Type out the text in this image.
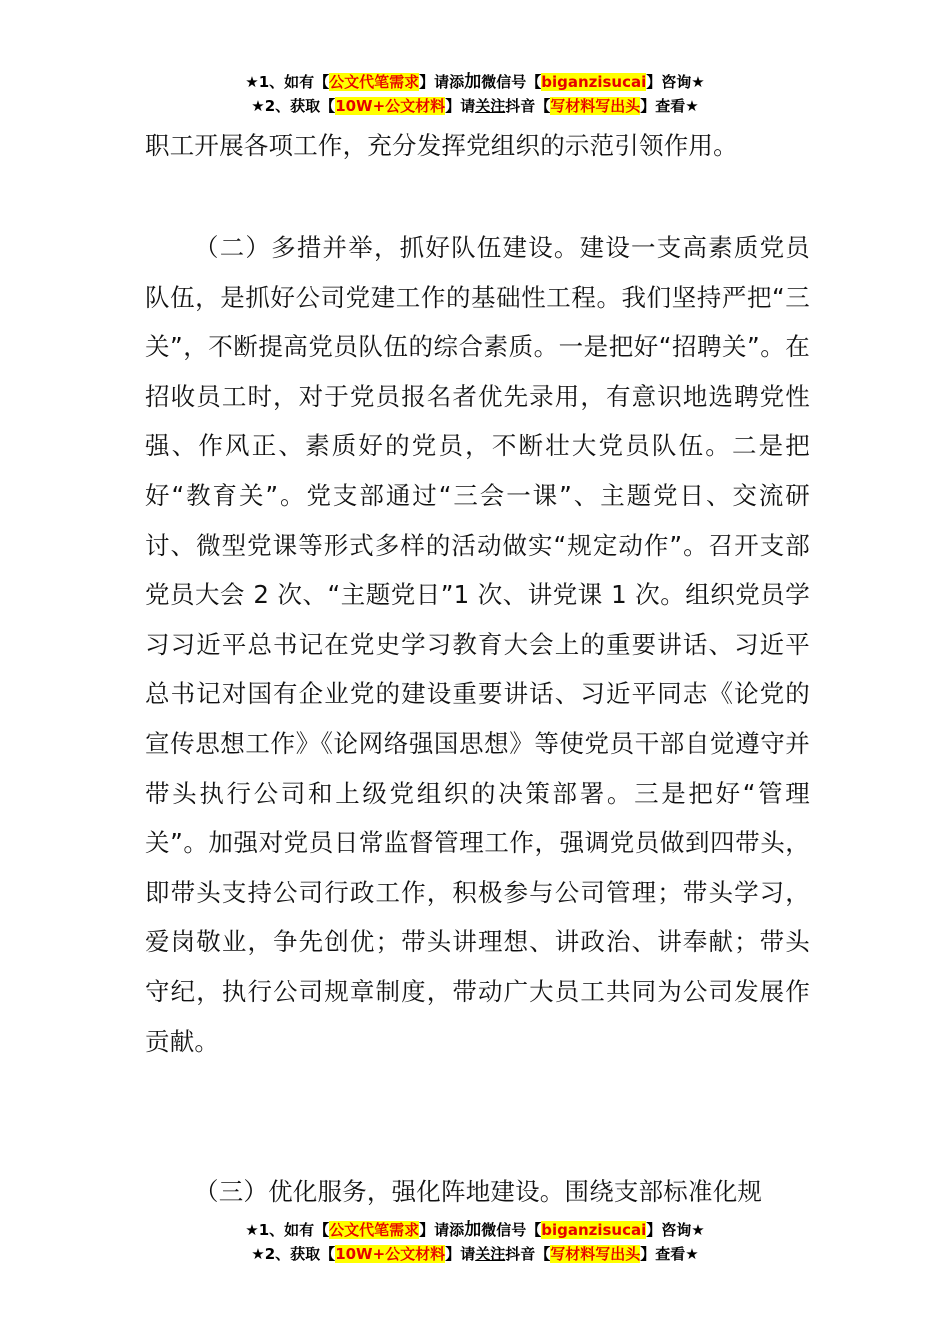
★1、如有【公文代笔需求】请添加微信号【biganzisucai】咨询★
★2、获取【10W+公文材料】请关注抖音【写材料写出头】查看★

职工开展各项工作，充分发挥党组织的示范引领作用。

（二）多措并举，抓好队伍建设。建设一支高素质党员队伍，是抓好公司党建工作的基础性工程。我们坚持严把“三关”，不断提高党员队伍的综合素质。一是把好“招聘关”。在招收员工时，对于党员报名者优先录用，有意识地选聘党性强、作风正、素质好的党员，不断壮大党员队伍。二是把好“教育关”。党支部通过“三会一课”、主题党日、交流研讨、微型党课等形式多样的活动做实“规定动作”。召开支部党员大会 2 次、“主题党日”1 次、讲党课 1 次。组织党员学习习近平总书记在党史学习教育大会上的重要讲话、习近平总书记对国有企业党的建设重要讲话、习近平同志《论党的宣传思想工作》《论网络强国思想》等使党员干部自觉遵守并带头执行公司和上级党组织的决策部署。三是把好“管理关”。加强对党员日常监督管理工作，强调党员做到四带头，即带头支持公司行政工作，积极参与公司管理；带头学习，爱岗敬业，争先创优；带头讲理想、讲政治、讲奉献；带头守纪，执行公司规章制度，带动广大员工共同为公司发展作贡献。

（三）优化服务，强化阵地建设。围绕支部标准化规

★1、如有【公文代笔需求】请添加微信号【biganzisucai】咨询★
★2、获取【10W+公文材料】请关注抖音【写材料写出头】查看★
